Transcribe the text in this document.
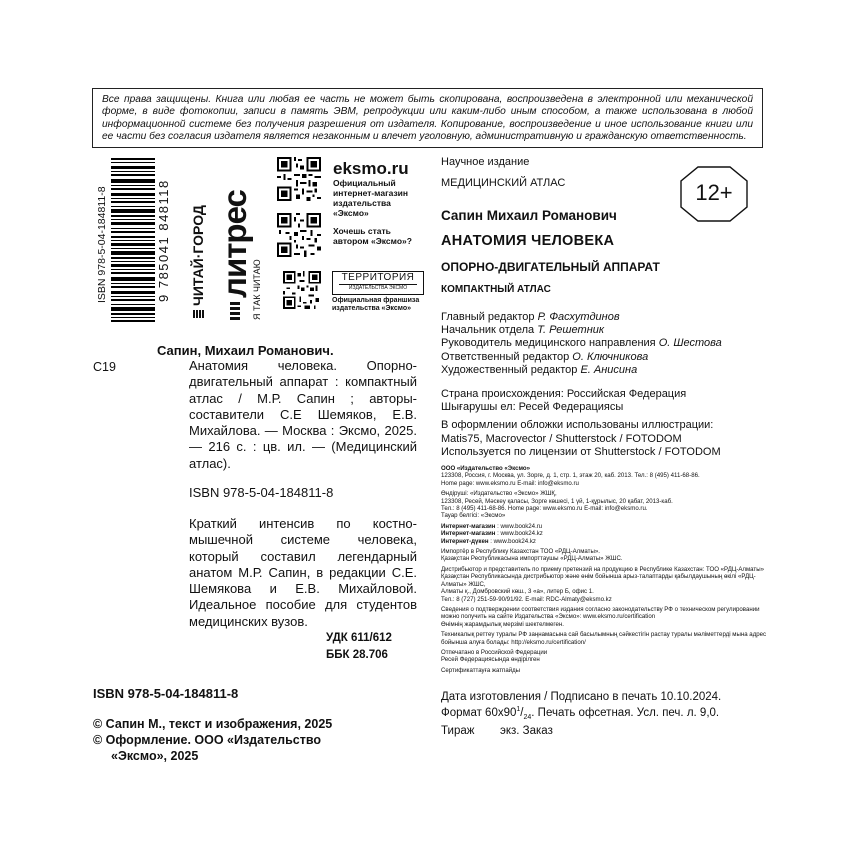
Все права защищены. Книга или любая ее часть не может быть скопирована, воспроизведена в электронной или механической форме, в виде фотокопии, записи в память ЭВМ, репродукции или каким-либо иным способом, а также использована в любой информационной системе без получения разрешения от издателя. Копирование, воспроизведение и иное использование книги или ее части без согласия издателя является незаконным и влечет уголовную, административную и гражданскую ответственность.
ISBN 978-5-04-184811-8	9 785041 848118 ЧИТАЙ·ГОРОД литрес Я ТАК ЧИТАЮ
eksmo.ru
Официальный интернет-магазин издательства «Эксмо»
Хочешь стать автором «Эксмо»?
ТЕРРИТОРИЯ
ИЗДАТЕЛЬСТВА ЭКСМО
Официальная франшиза издательства «Эксмо»
Научное издание
МЕДИЦИНСКИЙ АТЛАС	12+
Сапин Михаил Романович
АНАТОМИЯ ЧЕЛОВЕКА
ОПОРНО-ДВИГАТЕЛЬНЫЙ АППАРАТ
КОМПАКТНЫЙ АТЛАС
Главный редактор Р. Фасхутдинов
Начальник отдела Т. Решетник
Руководитель медицинского направления О. Шестова
Ответственный редактор О. Ключникова
Художественный редактор Е. Анисина
Страна происхождения: Российская Федерация
Шығарушы ел: Ресей Федерациясы
В оформлении обложки использованы иллюстрации:
Matis75, Macrovector / Shutterstock / FOTODOM
Используется по лицензии от Shutterstock / FOTODOM

ООО «Издательство «Эксмо»
123308, Россия, г. Москва, ул. Зорге, д. 1, стр. 1, этаж 20, каб. 2013. Тел.: 8 (495) 411-68-86.
Home page: www.eksmo.ru E-mail: info@eksmo.ru

Өндіруші: «Издательство «Эксмо» ЖШҚ,
123308, Ресей, Мәскеу қаласы, Зорге көшесі, 1 үй, 1-құрылыс, 20 қабат, 2013-каб.
Тел.: 8 (495) 411-68-86. Home page: www.eksmo.ru E-mail: info@eksmo.ru.
Тауар белгісі: «Эксмо»

Интернет-магазин : www.book24.ru
Интернет-магазин : www.book24.kz
Интернет-дүкен : www.book24.kz

Импортёр в Республику Казахстан ТОО «РДЦ-Алматы».
Қазақстан Республикасына импорттаушы «РДЦ-Алматы» ЖШС.

Дистрибьютор и представитель по приему претензий на продукцию в Республике Казахстан: ТОО «РДЦ-Алматы»
Қазақстан Республикасында дистрибьютор және өнім бойынша арыз-талаптарды қабылдаушының өкілі «РДЦ-Алматы» ЖШС,
Алматы қ., Домбровский көш., 3 «а», литер Б, офис 1.
Тел.: 8 (727) 251-59-90/91/92. E-mail: RDC-Almaty@eksmo.kz

Сведения о подтверждении соответствия издания согласно законодательству РФ о техническом регулировании можно получить на сайте Издательства «Эксмо»: www.eksmo.ru/certification
Өнімнің жарамдылық мерзімі шектелмеген.

Техникалық реттеу туралы РФ заңнамасына сай басылымның сәйкестігін растау туралы мәліметтерді мына адрес бойынша алуға болады: http://eksmo.ru/certification/

Отпечатано в Российской Федерации
Ресей Федерациясында өндірілген

Сертификаттауға жатпайды

Дата изготовления / Подписано в печать 10.10.2024.
Формат $60x90^1/_{24}$. Печать офсетная. Усл. печ. л. 9,0.
Тираж        экз. Заказ
С19
Сапин, Михаил Романович.
Анатомия человека. Опорно-двигательный аппарат : компактный атлас / М.Р. Сапин ; авторы-составители С.Е Шемяков, Е.В. Михайлова. — Москва : Эксмо, 2025. — 216 с. : цв. ил. — (Медицинский атлас).
ISBN 978-5-04-184811-8
Краткий интенсив по костно-мышечной системе человека, который составил легендарный анатом М.Р. Сапин, в редакции С.Е. Шемякова и Е.В. Михайловой. Идеальное пособие для студентов медицинских вузов.
УДК 611/612
ББК 28.706
ISBN 978-5-04-184811-8
© Сапин М., текст и изображения, 2025
© Оформление. ООО «Издательство
«Эксмо», 2025
